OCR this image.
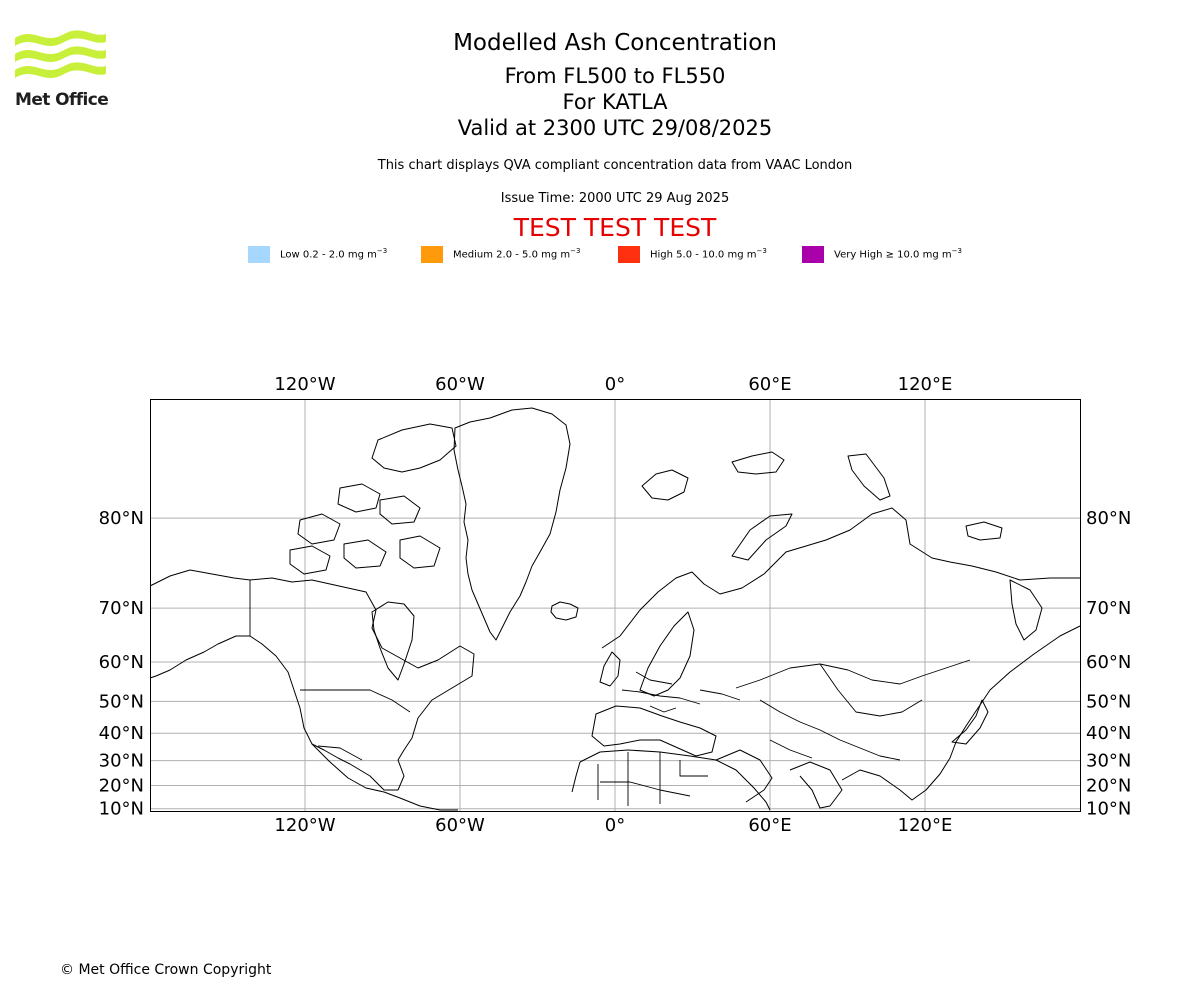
Met Office
Modelled Ash Concentration
From FL500 to FL550
For KATLA
Valid at 2300 UTC 29/08/2025
This chart displays QVA compliant concentration data from VAAC London
Issue Time: 2000 UTC 29 Aug 2025
TEST TEST TEST
Low 0.2 - 2.0 mg $m^{-3}$	Medium 2.0 - 5.0 mg $m^{-3}$	High 5.0 - 10.0 mg $m^{-3}$	Very High ≥ 10.0 mg $m^{-3}$
120°W
120°W
60°W
60°W
0°
0°
60°E
60°E
120°E
120°E
80°N	80°N
70°N	70°N
60°N	60°N
50°N	50°N
40°N	40°N
30°N	30°N
20°N	20°N
10°N	10°N
© Met Office Crown Copyright
